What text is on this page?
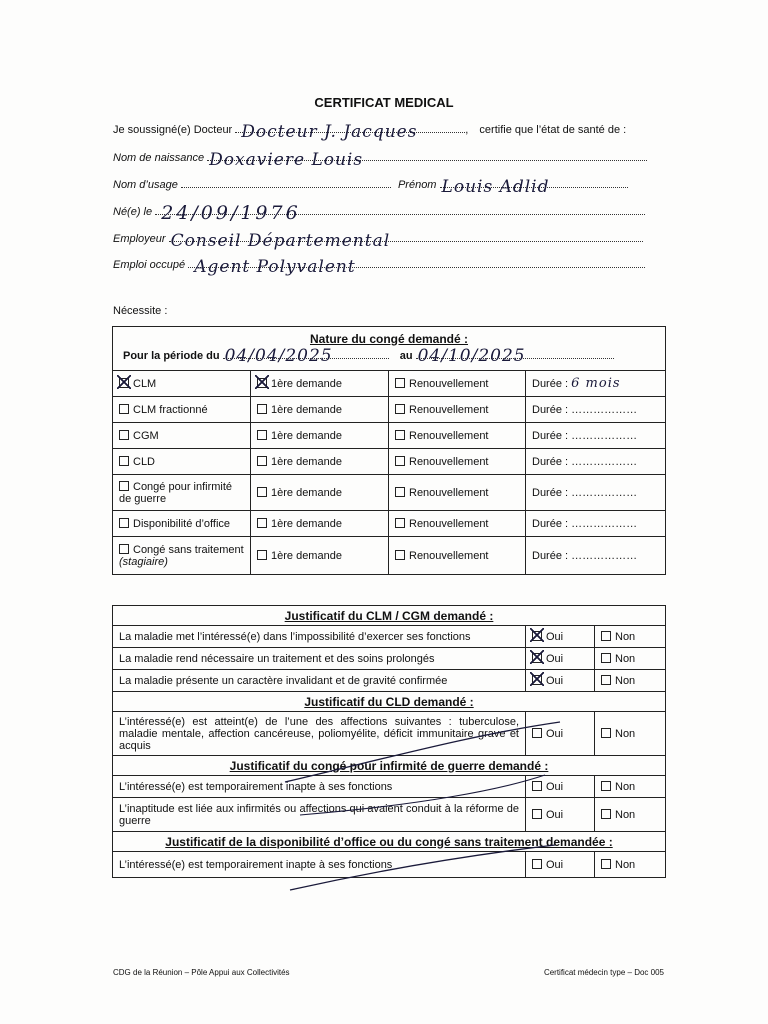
CERTIFICAT MEDICAL
Je soussigné(e) Docteur Docteur J. Jacques	, certifie que l’état de santé de :
Nom de naissance Doxaviere Louis
Nom d’usage	Prénom Louis Adlid
Né(e) le 24/09/1976
Employeur Conseil Départemental
Emploi occupé Agent Polyvalent
Nécessite :
Nature du congé demandé :
Pour la période du 04/04/2025 au 04/10/2025			

CLM	1ère demande	Renouvellement	Durée : 6 mois
CLM fractionné	1ère demande	Renouvellement	Durée : ………………
CGM	1ère demande	Renouvellement	Durée : ………………
CLD	1ère demande	Renouvellement	Durée : ………………
Congé pour infirmité de guerre	1ère demande	Renouvellement	Durée : ………………
Disponibilité d’office	1ère demande	Renouvellement	Durée : ………………
Congé sans traitement (stagiaire)	1ère demande	Renouvellement	Durée : ………………
Justificatif du CLM / CGM demandé :		
La maladie met l’intéressé(e) dans l’impossibilité d’exercer ses fonctions	Oui	Non
La maladie rend nécessaire un traitement et des soins prolongés	Oui	Non
La maladie présente un caractère invalidant et de gravité confirmée	Oui	Non
Justificatif du CLD demandé :		
L’intéressé(e) est atteint(e) de l’une des affections suivantes : tuberculose, maladie mentale, affection cancéreuse, poliomyélite, déficit immunitaire grave et acquis	Oui	Non
Justificatif du congé pour infirmité de guerre demandé :		
L’intéressé(e) est temporairement inapte à ses fonctions	Oui	Non
L’inaptitude est liée aux infirmités ou affections qui avaient conduit à la réforme de guerre	Oui	Non
Justificatif de la disponibilité d’office ou du congé sans traitement demandée :		
L’intéressé(e) est temporairement inapte à ses fonctions	Oui	Non
CDG de la Réunion – Pôle Appui aux Collectivités	Certificat médecin type – Doc 005
